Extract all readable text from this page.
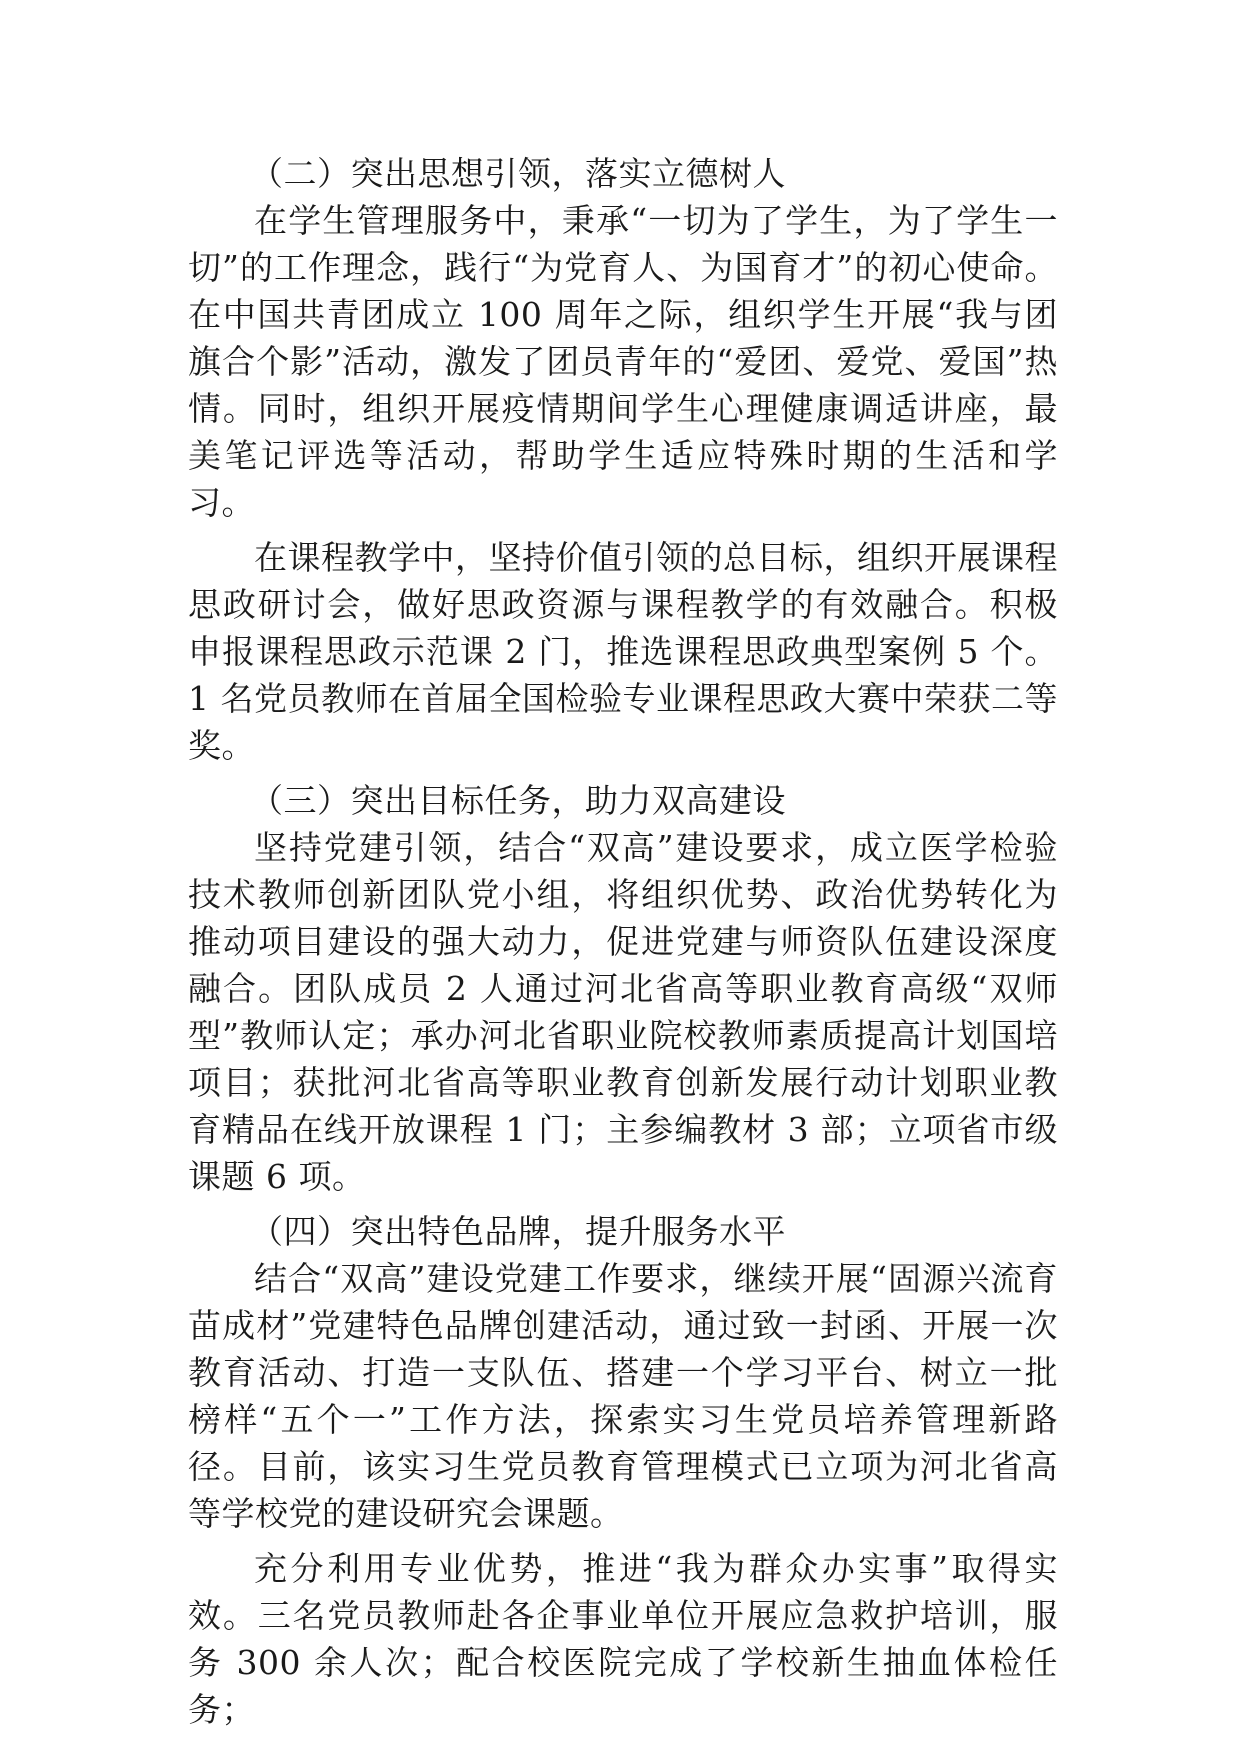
（二）突出思想引领，落实立德树人

在学生管理服务中，秉承“一切为了学生，为了学生一切”的工作理念，践行“为党育人、为国育才”的初心使命。在中国共青团成立 100 周年之际，组织学生开展“我与团旗合个影”活动，激发了团员青年的“爱团、爱党、爱国”热情。同时，组织开展疫情期间学生心理健康调适讲座，最美笔记评选等活动，帮助学生适应特殊时期的生活和学习。

在课程教学中，坚持价值引领的总目标，组织开展课程思政研讨会，做好思政资源与课程教学的有效融合。积极申报课程思政示范课 2 门，推选课程思政典型案例 5 个。1 名党员教师在首届全国检验专业课程思政大赛中荣获二等奖。

（三）突出目标任务，助力双高建设

坚持党建引领，结合“双高”建设要求，成立医学检验技术教师创新团队党小组，将组织优势、政治优势转化为推动项目建设的强大动力，促进党建与师资队伍建设深度融合。团队成员 2 人通过河北省高等职业教育高级“双师型”教师认定；承办河北省职业院校教师素质提高计划国培项目；获批河北省高等职业教育创新发展行动计划职业教育精品在线开放课程 1 门；主参编教材 3 部；立项省市级课题 6 项。

（四）突出特色品牌，提升服务水平

结合“双高”建设党建工作要求，继续开展“固源兴流育苗成材”党建特色品牌创建活动，通过致一封函、开展一次教育活动、打造一支队伍、搭建一个学习平台、树立一批榜样“五个一”工作方法，探索实习生党员培养管理新路径。目前，该实习生党员教育管理模式已立项为河北省高等学校党的建设研究会课题。

充分利用专业优势，推进“我为群众办实事”取得实效。三名党员教师赴各企事业单位开展应急救护培训，服务 300 余人次；配合校医院完成了学校新生抽血体检任务；
